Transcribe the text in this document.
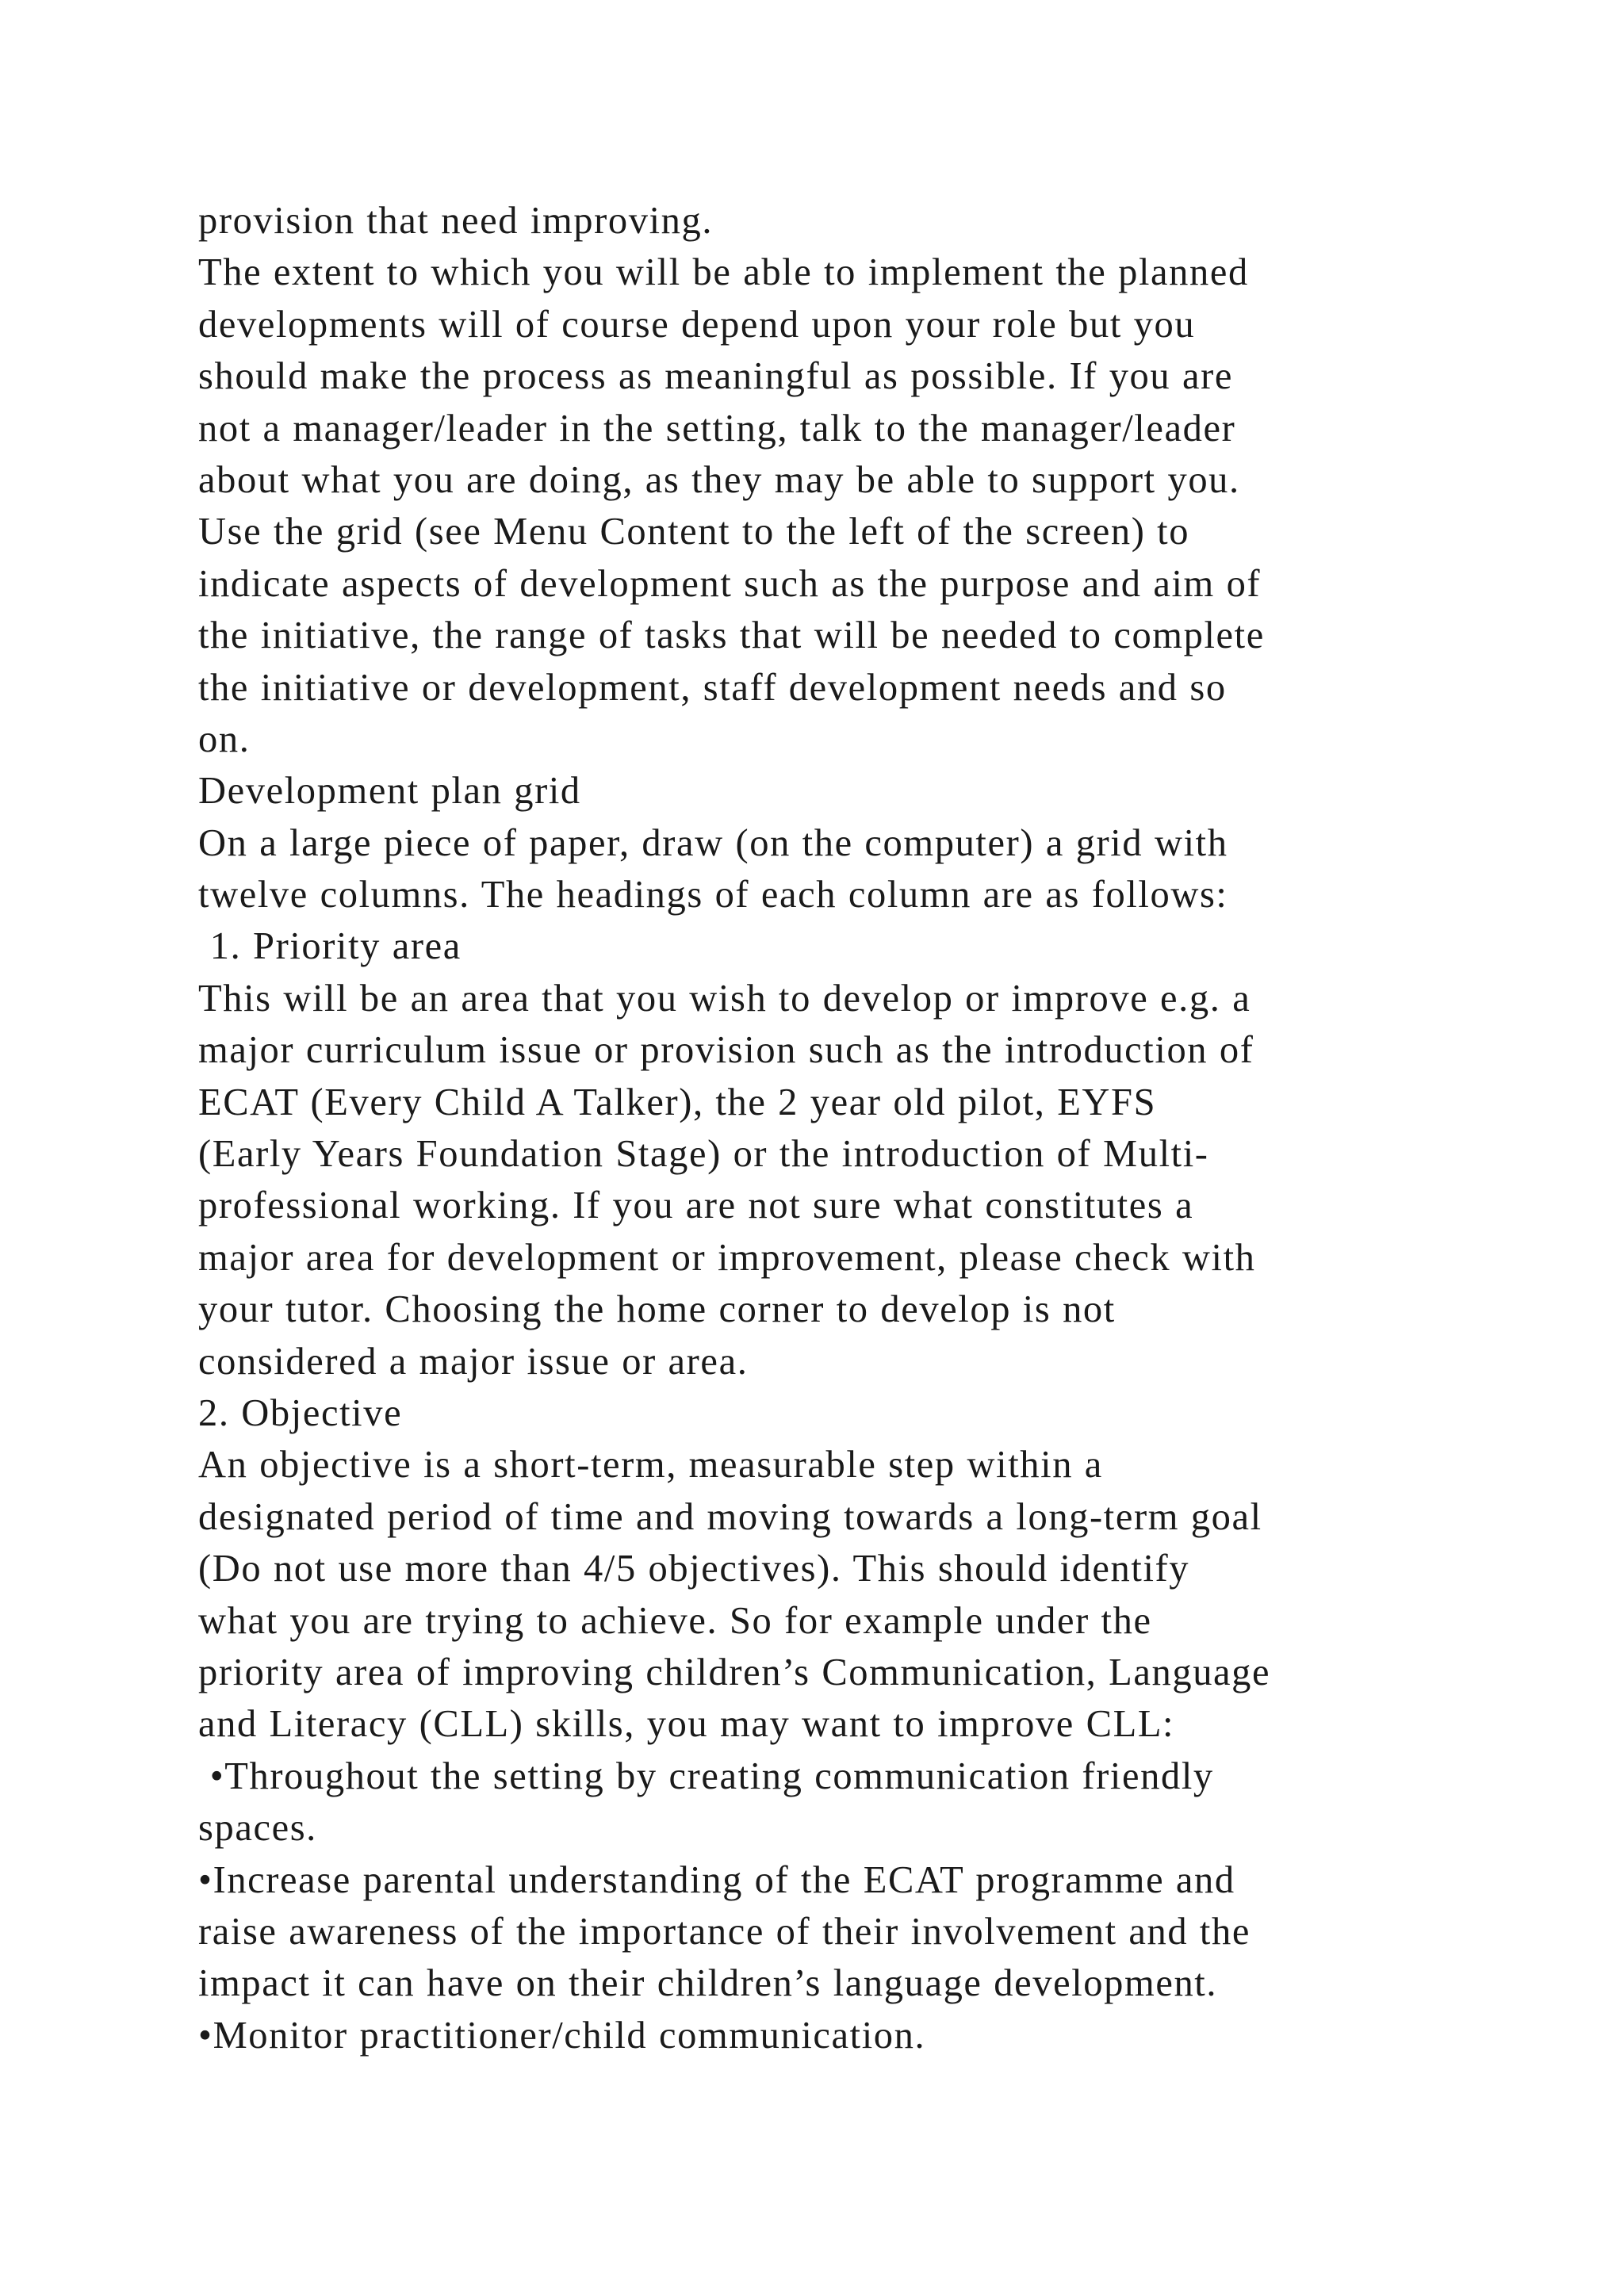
provision that need improving.
The extent to which you will be able to implement the planned
developments will of course depend upon your role but you
should make the process as meaningful as possible. If you are
not a manager/leader in the setting, talk to the manager/leader
about what you are doing, as they may be able to support you.
Use the grid (see Menu Content to the left of the screen) to
indicate aspects of development such as the purpose and aim of
the initiative, the range of tasks that will be needed to complete
the initiative or development, staff development needs and so
on.
Development plan grid
On a large piece of paper, draw (on the computer) a grid with
twelve columns. The headings of each column are as follows:
1. Priority area
This will be an area that you wish to develop or improve e.g. a
major curriculum issue or provision such as the introduction of
ECAT (Every Child A Talker), the 2 year old pilot, EYFS
(Early Years Foundation Stage) or the introduction of Multi-
professional working. If you are not sure what constitutes a
major area for development or improvement, please check with
your tutor. Choosing the home corner to develop is not
considered a major issue or area.
2. Objective
An objective is a short-term, measurable step within a
designated period of time and moving towards a long-term goal
(Do not use more than 4/5 objectives). This should identify
what you are trying to achieve. So for example under the
priority area of improving children’s Communication, Language
and Literacy (CLL) skills, you may want to improve CLL:
•Throughout the setting by creating communication friendly
spaces.
•Increase parental understanding of the ECAT programme and
raise awareness of the importance of their involvement and the
impact it can have on their children’s language development.
•Monitor practitioner/child communication.
